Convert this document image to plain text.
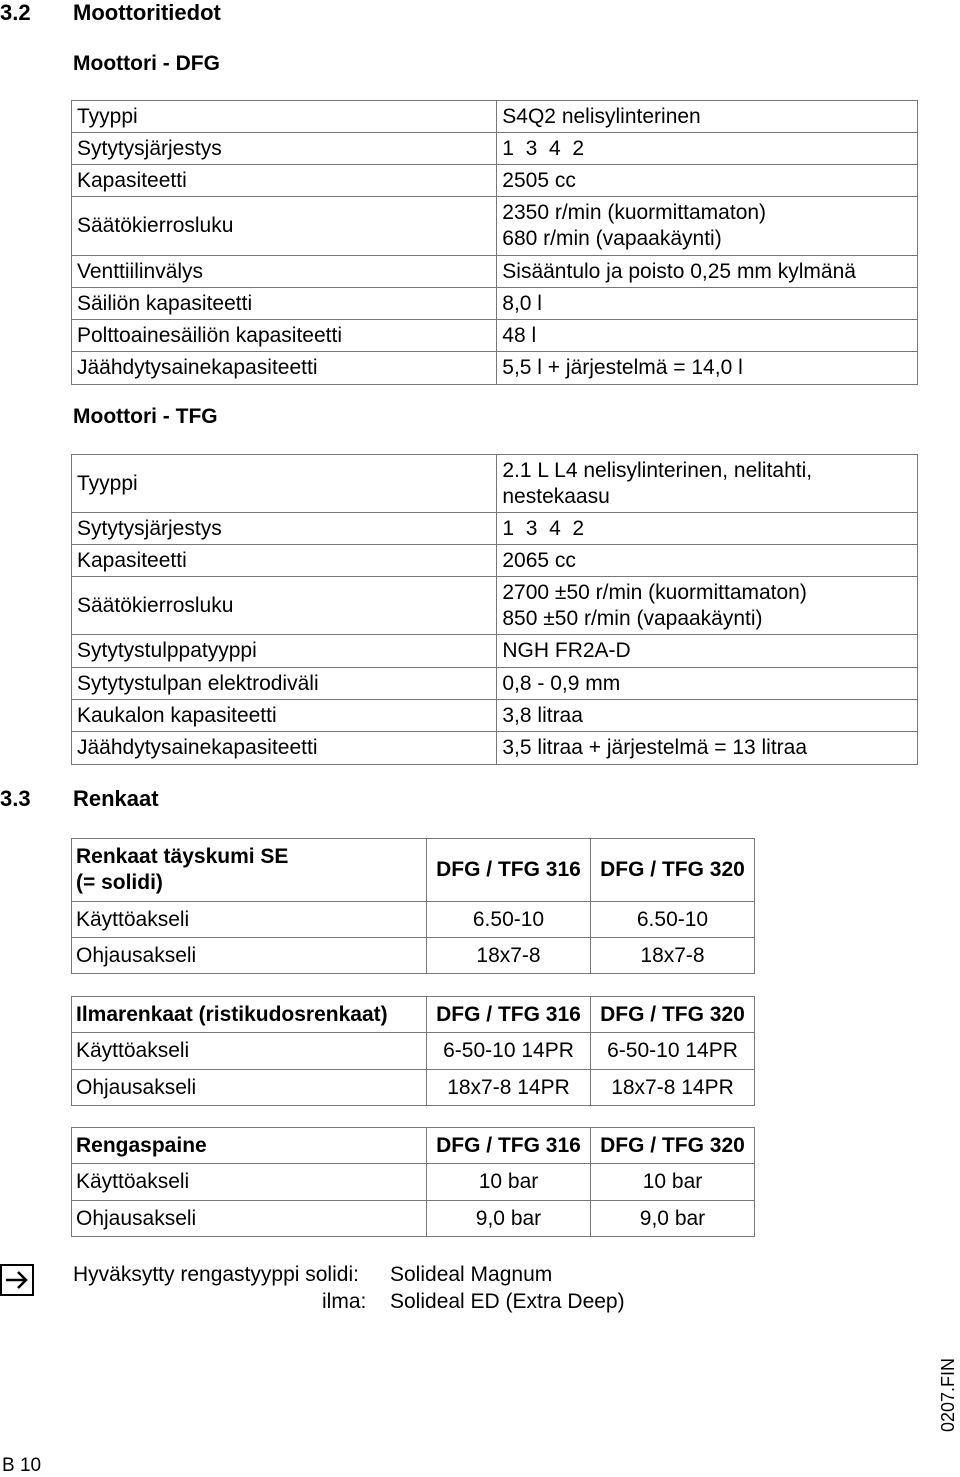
3.2 Moottoritiedot
Moottori - DFG
Tyyppi	S4Q2 nelisylinterinen
Sytytysjärjestys	1  3  4  2
Kapasiteetti	2505 cc
Säätökierrosluku	2350 r/min (kuormittamaton)
680 r/min (vapaakäynti)
Venttiilinvälys	Sisääntulo ja poisto 0,25 mm kylmänä
Säiliön kapasiteetti	8,0 l
Polttoainesäiliön kapasiteetti	48 l
Jäähdytysainekapasiteetti	5,5 l + järjestelmä = 14,0 l
Moottori - TFG
Tyyppi	2.1 L L4 nelisylinterinen, nelitahti,
nestekaasu
Sytytysjärjestys	1  3  4  2
Kapasiteetti	2065 cc
Säätökierrosluku	2700 ±50 r/min (kuormittamaton)
850 ±50 r/min (vapaakäynti)
Sytytystulppatyyppi	NGH FR2A-D
Sytytystulpan elektrodiväli	0,8 - 0,9 mm
Kaukalon kapasiteetti	3,8 litraa
Jäähdytysainekapasiteetti	3,5 litraa + järjestelmä = 13 litraa
3.3 Renkaat
Renkaat täyskumi SE
(= solidi)	DFG / TFG 316	DFG / TFG 320
Käyttöakseli	6.50-10	6.50-10
Ohjausakseli	18x7-8	18x7-8
Ilmarenkaat (ristikudosrenkaat)	DFG / TFG 316	DFG / TFG 320
Käyttöakseli	6-50-10 14PR	6-50-10 14PR
Ohjausakseli	18x7-8 14PR	18x7-8 14PR
Rengaspaine	DFG / TFG 316	DFG / TFG 320
Käyttöakseli	10 bar	10 bar
Ohjausakseli	9,0 bar	9,0 bar
Hyväksytty rengastyyppi solidi: Solideal Magnum
ilma: Solideal ED (Extra Deep)
B 10
0207.FIN
